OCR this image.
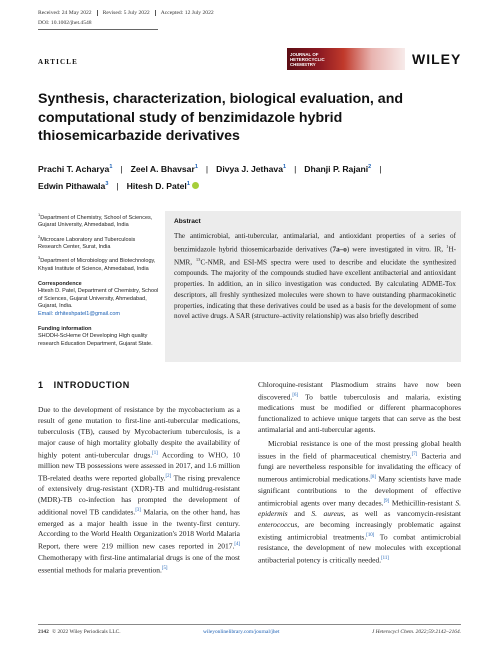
Received: 24 May 2022 Revised: 5 July 2022 Accepted: 12 July 2022
DOI: 10.1002/jhet.4548
ARTICLE
JOURNAL OF HETEROCYCLIC CHEMISTRY	WILEY
Synthesis, characterization, biological evaluation, and computational study of benzimidazole hybrid thiosemicarbazide derivatives
Prachi T. Acharya$^1$ | Zeel A. Bhavsar$^1$ | Divya J. Jethava$^1$ | Dhanji P. Rajani$^2$ |
Edwin Pithawala$^3$ | Hitesh D. Patel$^1$
$^1$Department of Chemistry, School of Sciences, Gujarat University, Ahmedabad, India
$^2$Microcare Laboratory and Tuberculosis Research Center, Surat, India
$^3$Department of Microbiology and Biotechnology, Khyati Institute of Science, Ahmedabad, India
Correspondence
Hitesh D. Patel, Department of Chemistry, School of Sciences, Gujarat University, Ahmedabad, Gujarat, India.
Email: drhiteshpatel1@gmail.com
Funding information
SHODH-ScHeme Of Developing High quality research Education Department, Gujarat State.
Abstract
The antimicrobial, anti-tubercular, antimalarial, and antioxidant properties of a series of benzimidazole hybrid thiosemicarbazide derivatives (7a–o) were investigated in vitro. IR, $^1$H-NMR, $^{13}$C-NMR, and ESI-MS spectra were used to describe and elucidate the synthesized compounds. The majority of the compounds studied have excellent antibacterial and antioxidant properties. In addition, an in silico investigation was conducted. By calculating ADME-Tox descriptors, all freshly synthesized molecules were shown to have outstanding pharmacokinetic properties, indicating that these derivatives could be used as a basis for the development of some novel active drugs. A SAR (structure–activity relationship) was also briefly described
1 INTRODUCTION

Due to the development of resistance by the mycobacterium as a result of gene mutation to first-line anti-tubercular medications, tuberculosis (TB), caused by Mycobacterium tuberculosis, is a major cause of high mortality globally despite the availability of highly potent anti-tubercular drugs.[1] According to WHO, 10 million new TB possessions were assessed in 2017, and 1.6 million TB-related deaths were reported globally.[2] The rising prevalence of extensively drug-resistant (XDR)-TB and multidrug-resistant (MDR)-TB co-infection has prompted the development of additional novel TB candidates.[3] Malaria, on the other hand, has emerged as a major health issue in the twenty-first century. According to the World Health Organization's 2018 World Malaria Report, there were 219 million new cases reported in 2017.[4] Chemotherapy with first-line antimalarial drugs is one of the most essential methods for malaria prevention.[5]

Chloroquine-resistant Plasmodium strains have now been discovered.[6] To battle tuberculosis and malaria, existing medications must be modified or different pharmacophores functionalized to achieve unique targets that can serve as the best antimalarial and anti-tubercular agents.

Microbial resistance is one of the most pressing global health issues in the field of pharmaceutical chemistry.[7] Bacteria and fungi are nevertheless responsible for invalidating the efficacy of numerous antimicrobial medications.[8] Many scientists have made significant contributions to the development of effective antimicrobial agents over many decades.[9] Methicillin-resistant S. epidermis and S. aureus, as well as vancomycin-resistant enterococcus, are becoming increasingly problematic against existing antimicrobial treatments.[10] To combat antimicrobial resistance, the development of new molecules with exceptional antibacterial potency is critically needed.[11]

2142 © 2022 Wiley Periodicals LLC.	wileyonlinelibrary.com/journal/jhet	J Heterocycl Chem. 2022;59:2142–2164.
